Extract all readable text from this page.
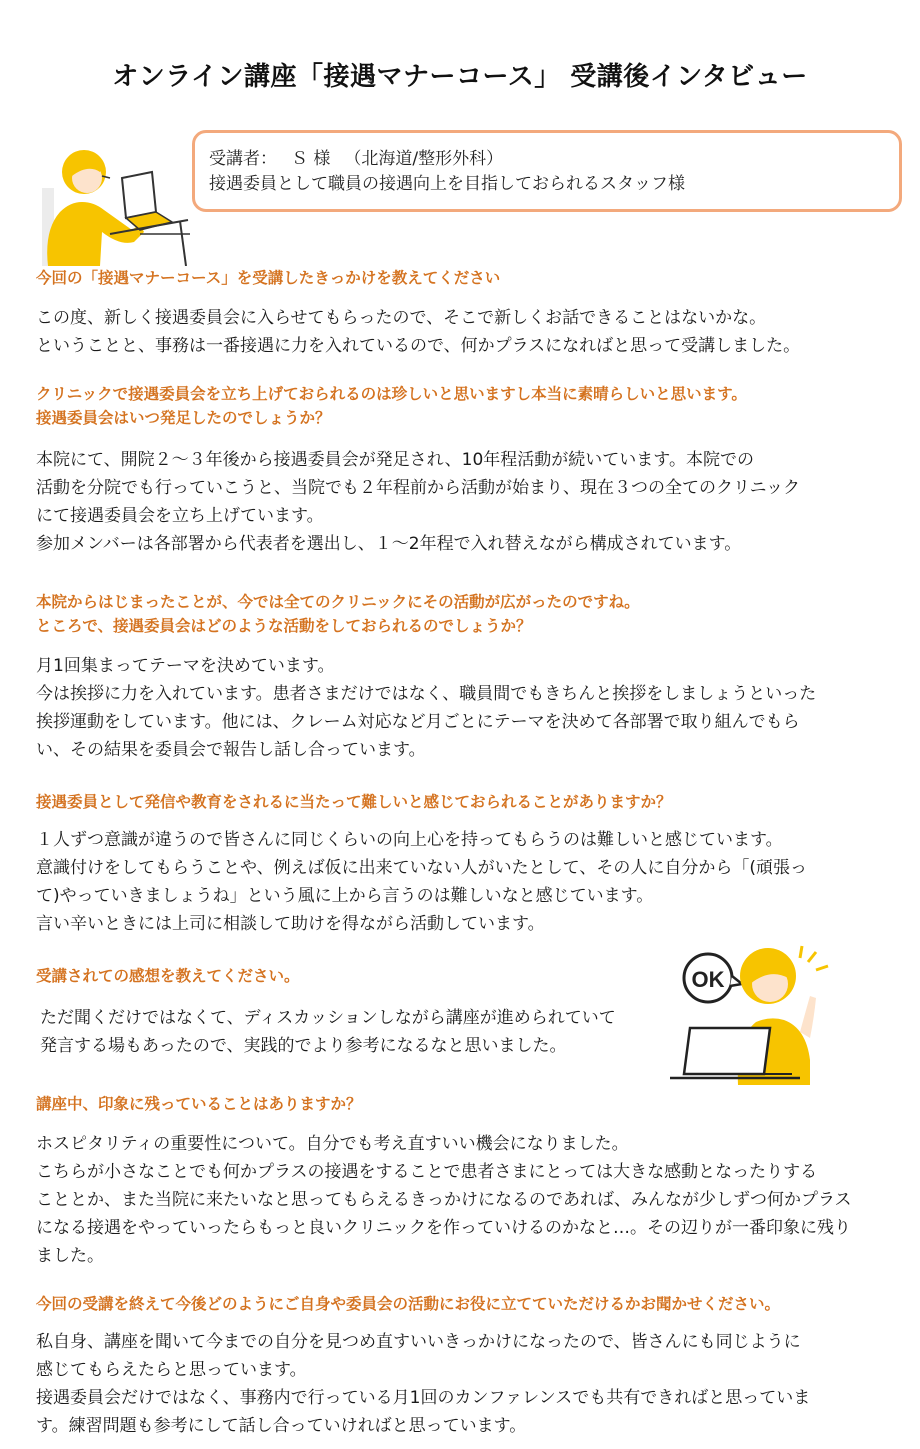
オンライン講座「接遇マナーコース」 受講後インタビュー
受講者： Ｓ 様 （北海道/整形外科）
接遇委員として職員の接遇向上を目指しておられるスタッフ様
今回の「接遇マナーコース」を受講したきっかけを教えてください
この度、新しく接遇委員会に入らせてもらったので、そこで新しくお話できることはないかな。
ということと、事務は一番接遇に力を入れているので、何かプラスになればと思って受講しました。
クリニックで接遇委員会を立ち上げておられるのは珍しいと思いますし本当に素晴らしいと思います。
接遇委員会はいつ発足したのでしょうか？
本院にて、開院２～３年後から接遇委員会が発足され、10年程活動が続いています。本院での
活動を分院でも行っていこうと、当院でも２年程前から活動が始まり、現在３つの全てのクリニック
にて接遇委員会を立ち上げています。
参加メンバーは各部署から代表者を選出し、１～2年程で入れ替えながら構成されています。
本院からはじまったことが、今では全てのクリニックにその活動が広がったのですね。
ところで、接遇委員会はどのような活動をしておられるのでしょうか？
月1回集まってテーマを決めています。
今は挨拶に力を入れています。患者さまだけではなく、職員間でもきちんと挨拶をしましょうといった
挨拶運動をしています。他には、クレーム対応など月ごとにテーマを決めて各部署で取り組んでもら
い、その結果を委員会で報告し話し合っています。
接遇委員として発信や教育をされるに当たって難しいと感じておられることがありますか？
１人ずつ意識が違うので皆さんに同じくらいの向上心を持ってもらうのは難しいと感じています。
意識付けをしてもらうことや、例えば仮に出来ていない人がいたとして、その人に自分から「(頑張っ
て)やっていきましょうね」という風に上から言うのは難しいなと感じています。
言い辛いときには上司に相談して助けを得ながら活動しています。
受講されての感想を教えてください。
ただ聞くだけではなくて、ディスカッションしながら講座が進められていて
発言する場もあったので、実践的でより参考になるなと思いました。
OK
講座中、印象に残っていることはありますか？
ホスピタリティの重要性について。自分でも考え直すいい機会になりました。
こちらが小さなことでも何かプラスの接遇をすることで患者さまにとっては大きな感動となったりする
こととか、また当院に来たいなと思ってもらえるきっかけになるのであれば、みんなが少しずつ何かプラス
になる接遇をやっていったらもっと良いクリニックを作っていけるのかなと…。その辺りが一番印象に残り
ました。
今回の受講を終えて今後どのようにご自身や委員会の活動にお役に立てていただけるかお聞かせください。
私自身、講座を聞いて今までの自分を見つめ直すいいきっかけになったので、皆さんにも同じように
感じてもらえたらと思っています。
接遇委員会だけではなく、事務内で行っている月1回のカンファレンスでも共有できればと思っていま
す。練習問題も参考にして話し合っていければと思っています。
